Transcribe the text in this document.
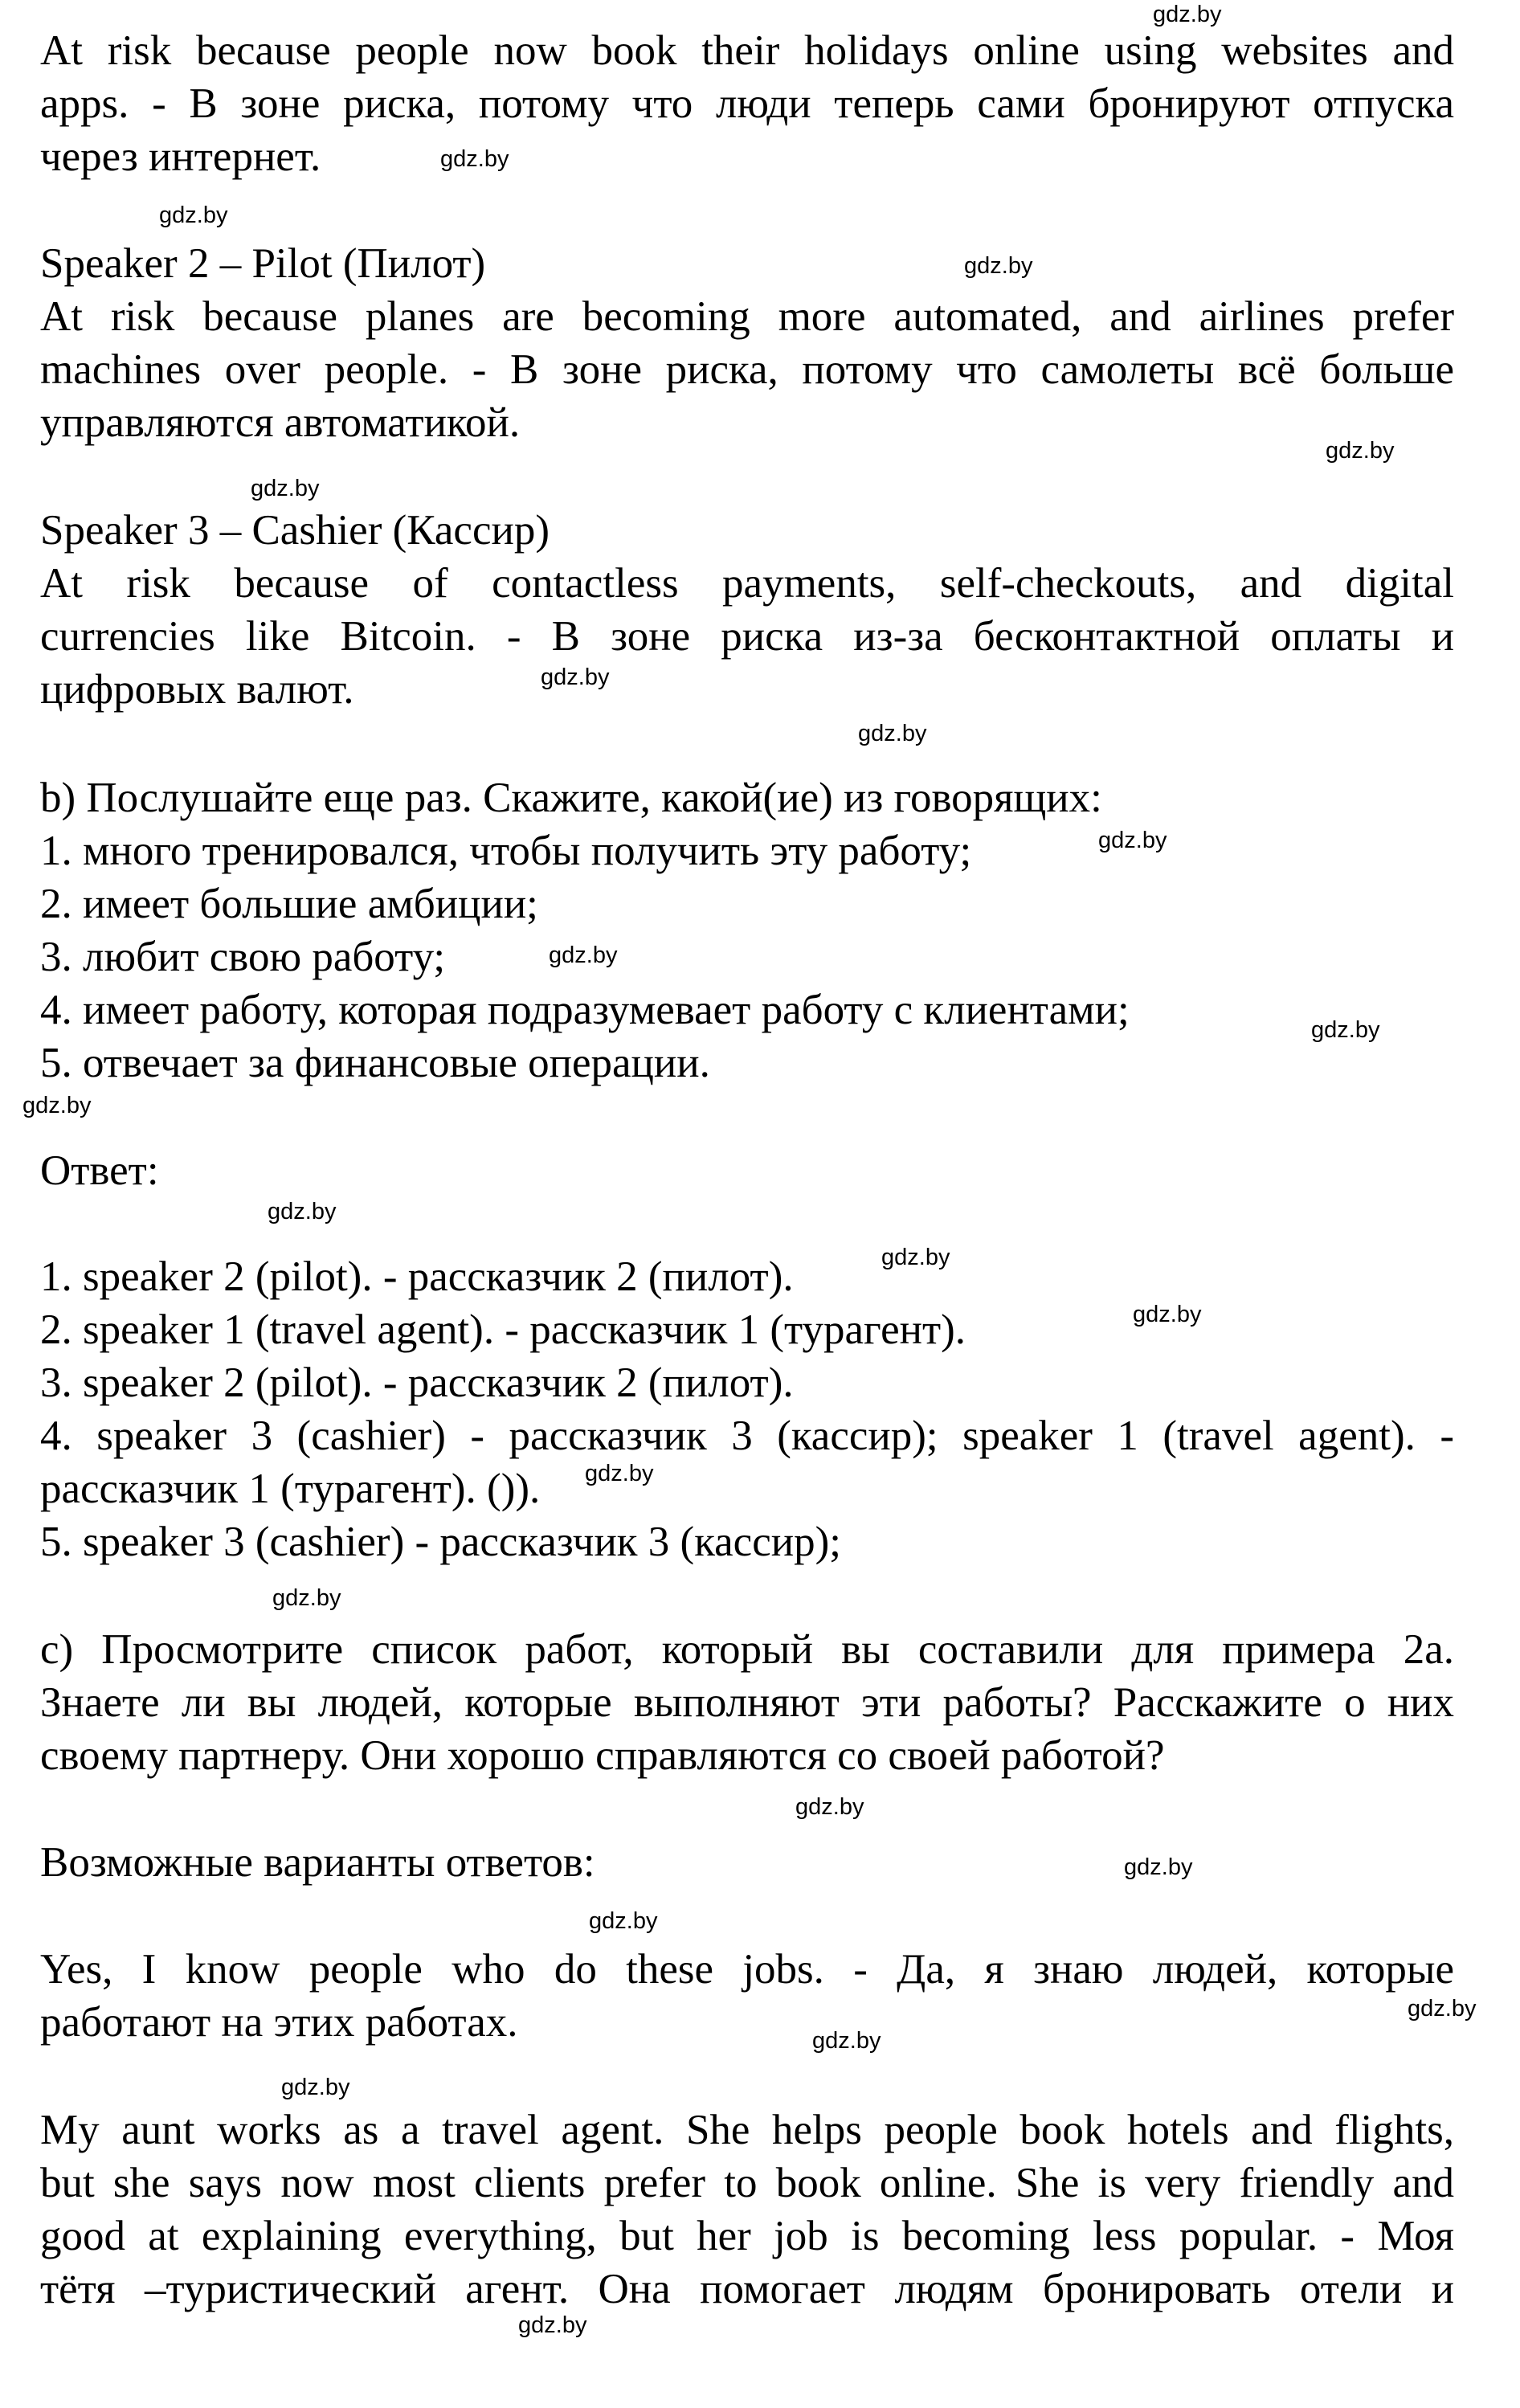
At risk because people now book their holidays online using websites and
apps. - В зоне риска, потому что люди теперь сами бронируют отпуска
через интернет.
Speaker 2 – Pilot (Пилот)
At risk because planes are becoming more automated, and airlines prefer
machines over people. - В зоне риска, потому что самолеты всё больше
управляются автоматикой.
Speaker 3 – Cashier (Кассир)
At risk because of contactless payments, self-checkouts, and digital
currencies like Bitcoin. - В зоне риска из-за бесконтактной оплаты и
цифровых валют.
b) Послушайте еще раз. Скажите, какой(ие) из говорящих:
1. много тренировался, чтобы получить эту работу;
2. имеет большие амбиции;
3. любит свою работу;
4. имеет работу, которая подразумевает работу с клиентами;
5. отвечает за финансовые операции.
Ответ:
1. speaker 2 (pilot). - рассказчик 2 (пилот).
2. speaker 1 (travel agent). - рассказчик 1 (турагент).
3. speaker 2 (pilot). - рассказчик 2 (пилот).
4. speaker 3 (cashier) - рассказчик 3 (кассир); speaker 1 (travel agent). -
рассказчик 1 (турагент). ()).
5. speaker 3 (cashier) - рассказчик 3 (кассир);
c) Просмотрите список работ, который вы составили для примера 2a.
Знаете ли вы людей, которые выполняют эти работы? Расскажите о них
своему партнеру. Они хорошо справляются со своей работой?
Возможные варианты ответов:
Yes, I know people who do these jobs. - Да, я знаю людей, которые
работают на этих работах.
My aunt works as a travel agent. She helps people book hotels and flights,
but she says now most clients prefer to book online. She is very friendly and
good at explaining everything, but her job is becoming less popular. - Моя
тётя –туристический агент. Она помогает людям бронировать отели и
gdz.by
gdz.by
gdz.by
gdz.by
gdz.by
gdz.by
gdz.by
gdz.by
gdz.by
gdz.by
gdz.by
gdz.by
gdz.by
gdz.by
gdz.by
gdz.by
gdz.by
gdz.by
gdz.by
gdz.by
gdz.by
gdz.by
gdz.by
gdz.by
